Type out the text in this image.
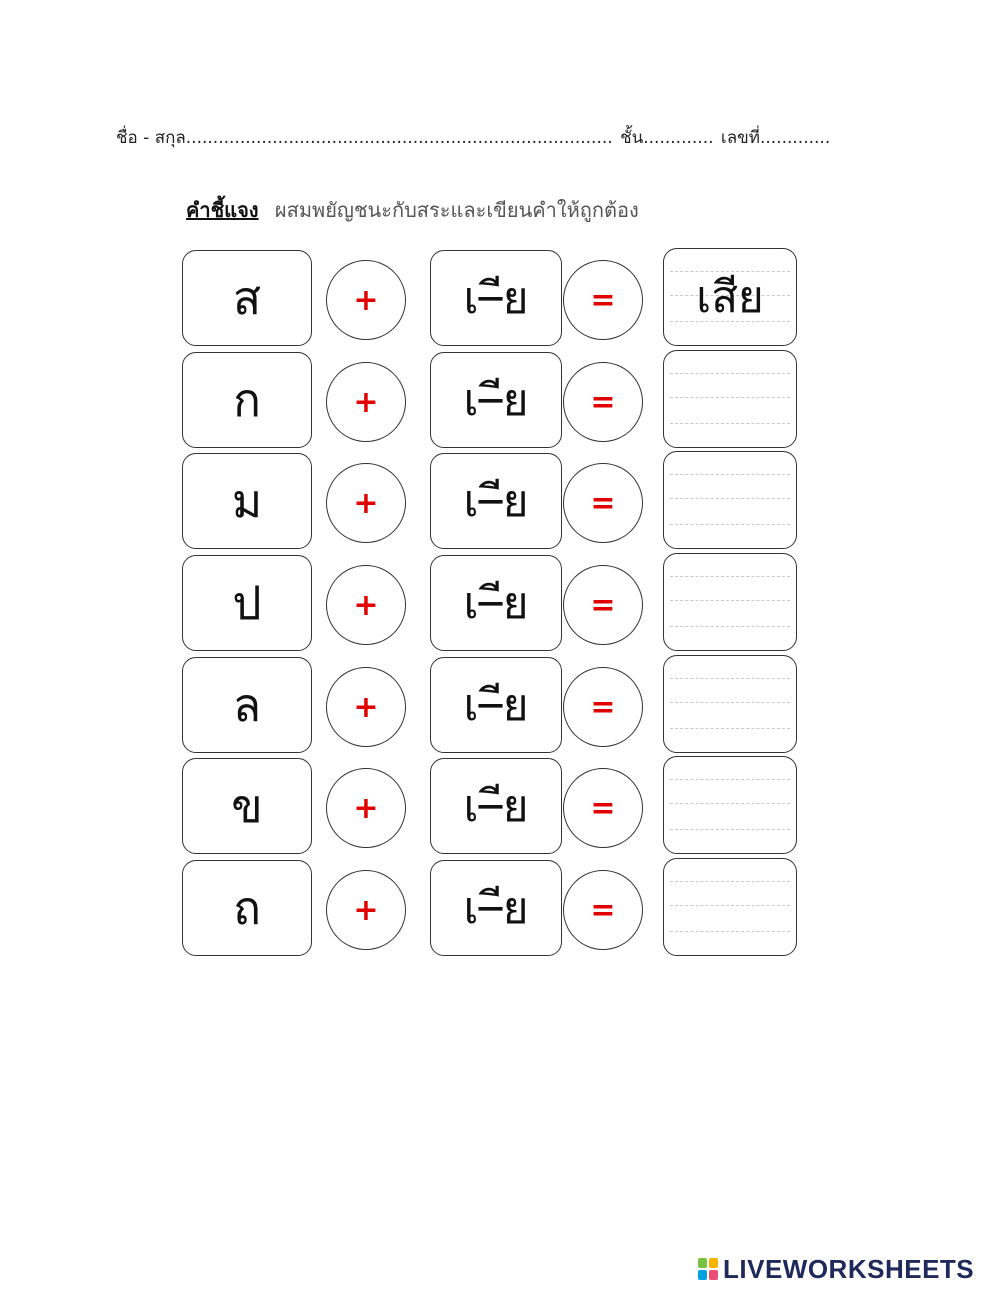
ชื่อ - สกุล............................................................................... ชั้น............. เลขที่.............
คำชี้แจง ผสมพยัญชนะกับสระและเขียนคำให้ถูกต้อง
ส	+ เ–ีย = เสีย
ก	+ เ–ีย =
ม	+ เ–ีย =
ป	+ เ–ีย =
ล	+ เ–ีย =
ข	+ เ–ีย =
ถ	+ เ–ีย =
LIVEWORKSHEETS
